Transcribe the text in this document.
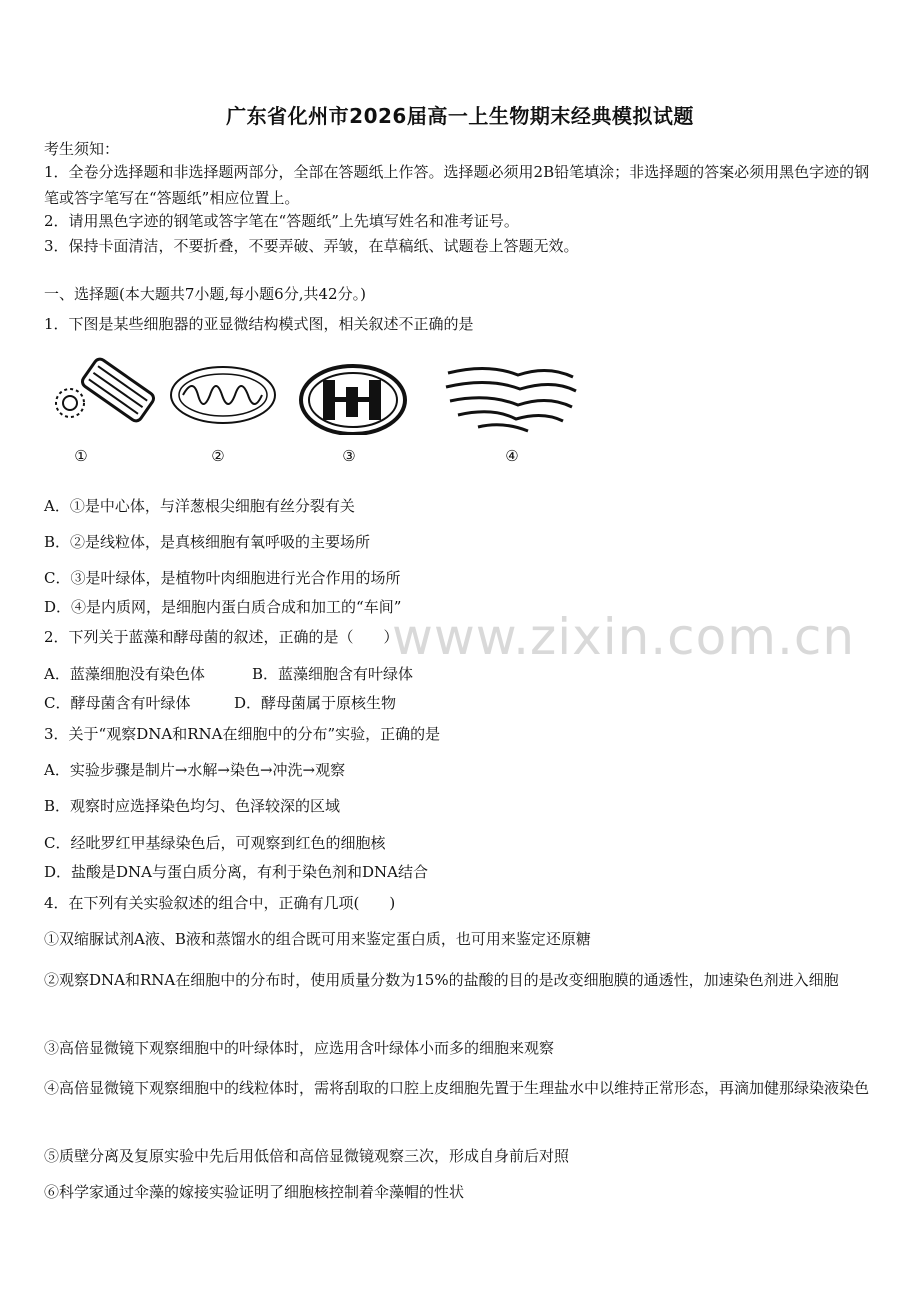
广东省化州市2026届高一上生物期末经典模拟试题
考生须知：
1．全卷分选择题和非选择题两部分，全部在答题纸上作答。选择题必须用2B铅笔填涂；非选择题的答案必须用黑色字迹的钢笔或答字笔写在“答题纸”相应位置上。
2．请用黑色字迹的钢笔或答字笔在“答题纸”上先填写姓名和准考证号。
3．保持卡面清洁，不要折叠，不要弄破、弄皱，在草稿纸、试题卷上答题无效。
一、选择题(本大题共7小题,每小题6分,共42分。)
1．下图是某些细胞器的亚显微结构模式图，相关叙述不正确的是
①	②	③	④
A．①是中心体，与洋葱根尖细胞有丝分裂有关
B．②是线粒体，是真核细胞有氧呼吸的主要场所
C．③是叶绿体，是植物叶肉细胞进行光合作用的场所
D．④是内质网，是细胞内蛋白质合成和加工的“车间”
2．下列关于蓝藻和酵母菌的叙述，正确的是（　　）
A．蓝藻细胞没有染色体	B．蓝藻细胞含有叶绿体
C．酵母菌含有叶绿体	D．酵母菌属于原核生物
3．关于“观察DNA和RNA在细胞中的分布”实验，正确的是
A．实验步骤是制片→水解→染色→冲洗→观察
B．观察时应选择染色均匀、色泽较深的区域
C．经吡罗红甲基绿染色后，可观察到红色的细胞核
D．盐酸是DNA与蛋白质分离，有利于染色剂和DNA结合
4．在下列有关实验叙述的组合中，正确有几项(　　)
①双缩脲试剂A液、B液和蒸馏水的组合既可用来鉴定蛋白质，也可用来鉴定还原糖
②观察DNA和RNA在细胞中的分布时，使用质量分数为15%的盐酸的目的是改变细胞膜的通透性，加速染色剂进入细胞
③高倍显微镜下观察细胞中的叶绿体时，应选用含叶绿体小而多的细胞来观察
④高倍显微镜下观察细胞中的线粒体时，需将刮取的口腔上皮细胞先置于生理盐水中以维持正常形态，再滴加健那绿染液染色
⑤质壁分离及复原实验中先后用低倍和高倍显微镜观察三次，形成自身前后对照
⑥科学家通过伞藻的嫁接实验证明了细胞核控制着伞藻帽的性状
www.zixin.com.cn
